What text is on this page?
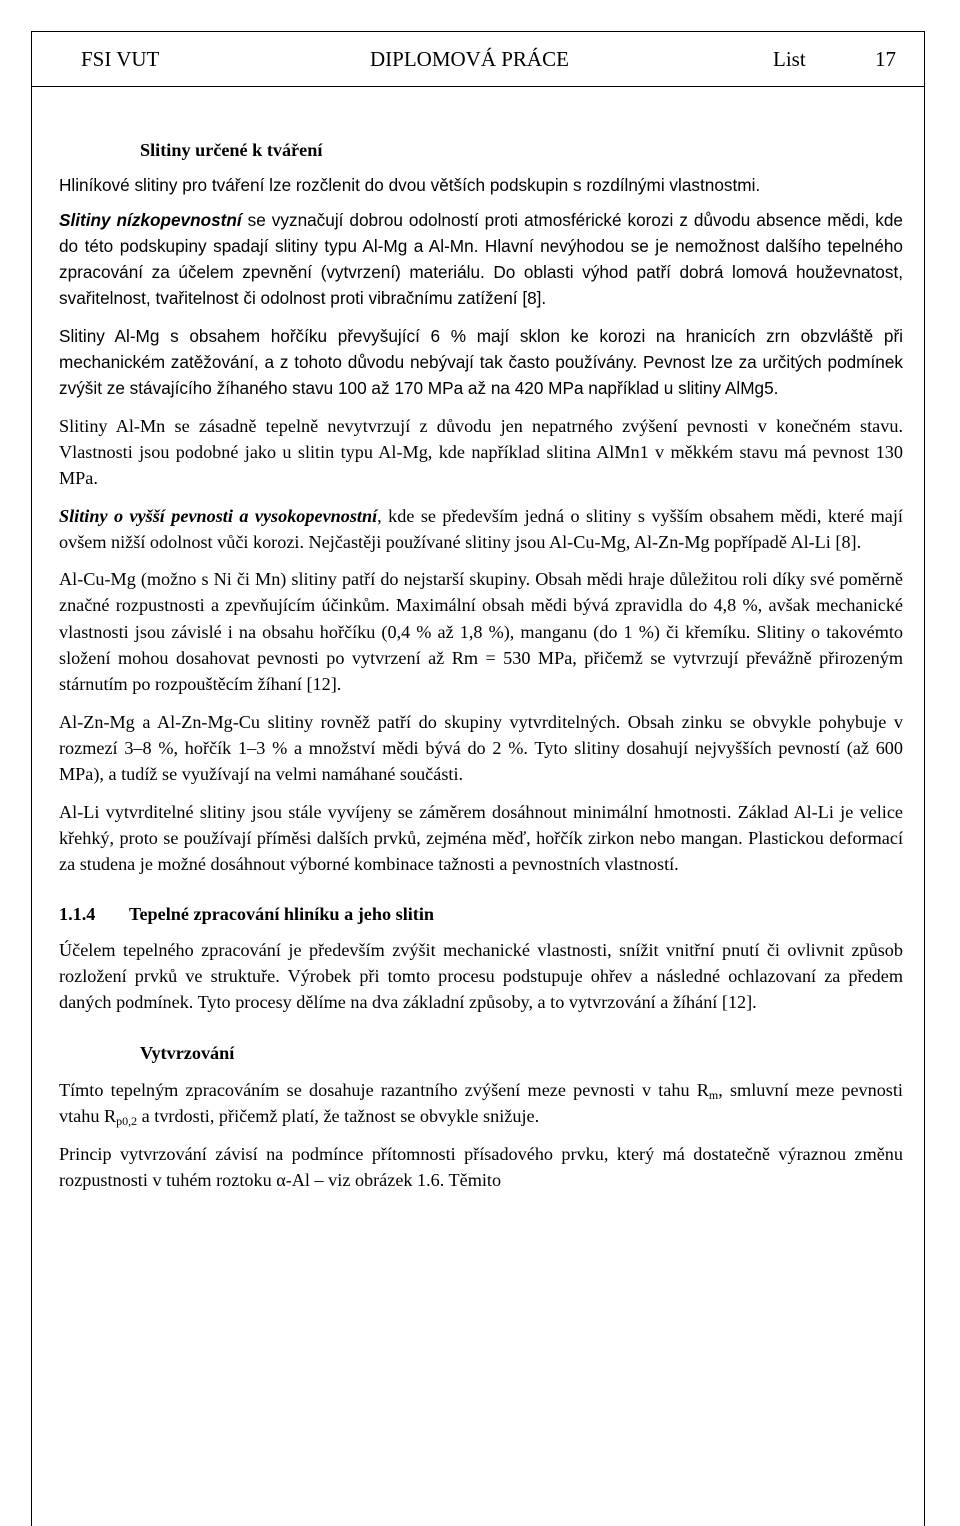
FSI VUT	DIPLOMOVÁ PRÁCE	List	17
Slitiny určené k tváření

Hliníkové slitiny pro tváření lze rozčlenit do dvou větších podskupin s rozdílnými vlastnostmi.

Slitiny nízkopevnostní se vyznačují dobrou odolností proti atmosférické korozi z důvodu absence mědi, kde do této podskupiny spadají slitiny typu Al-Mg a Al-Mn. Hlavní nevýhodou se je nemožnost dalšího tepelného zpracování za účelem zpevnění (vytvrzení) materiálu. Do oblasti výhod patří dobrá lomová houževnatost, svařitelnost, tvařitelnost či odolnost proti vibračnímu zatížení [8].

Slitiny Al-Mg s obsahem hořčíku převyšující 6 % mají sklon ke korozi na hranicích zrn obzvláště při mechanickém zatěžování, a z tohoto důvodu nebývají tak často používány. Pevnost lze za určitých podmínek zvýšit ze stávajícího žíhaného stavu 100 až 170 MPa až na 420 MPa například u slitiny AlMg5.

Slitiny Al-Mn se zásadně tepelně nevytvrzují z důvodu jen nepatrného zvýšení pevnosti v konečném stavu. Vlastnosti jsou podobné jako u slitin typu Al-Mg, kde například slitina AlMn1 v měkkém stavu má pevnost 130 MPa.

Slitiny o vyšší pevnosti a vysokopevnostní, kde se především jedná o slitiny s vyšším obsahem mědi, které mají ovšem nižší odolnost vůči korozi. Nejčastěji používané slitiny jsou Al-Cu-Mg, Al-Zn-Mg popřípadě Al-Li [8].

Al-Cu-Mg (možno s Ni či Mn) slitiny patří do nejstarší skupiny. Obsah mědi hraje důležitou roli díky své poměrně značné rozpustnosti a zpevňujícím účinkům. Maximální obsah mědi bývá zpravidla do 4,8 %, avšak mechanické vlastnosti jsou závislé i na obsahu hořčíku (0,4 % až 1,8 %), manganu (do 1 %) či křemíku. Slitiny o takovémto složení mohou dosahovat pevnosti po vytvrzení až Rm = 530 MPa, přičemž se vytvrzují převážně přirozeným stárnutím po rozpouštěcím žíhaní [12].

Al-Zn-Mg a Al-Zn-Mg-Cu slitiny rovněž patří do skupiny vytvrditelných. Obsah zinku se obvykle pohybuje v rozmezí 3–8 %, hořčík 1–3 % a množství mědi bývá do 2 %. Tyto slitiny dosahují nejvyšších pevností (až 600 MPa), a tudíž se využívají na velmi namáhané součásti.

Al-Li vytvrditelné slitiny jsou stále vyvíjeny se záměrem dosáhnout minimální hmotnosti. Základ Al-Li je velice křehký, proto se používají příměsi dalších prvků, zejména měď, hořčík zirkon nebo mangan. Plastickou deformací za studena je možné dosáhnout výborné kombinace tažnosti a pevnostních vlastností.

1.1.4	Tepelné zpracování hliníku a jeho slitin

Účelem tepelného zpracování je především zvýšit mechanické vlastnosti, snížit vnitřní pnutí či ovlivnit způsob rozložení prvků ve struktuře. Výrobek při tomto procesu podstupuje ohřev a následné ochlazovaní za předem daných podmínek. Tyto procesy dělíme na dva základní způsoby, a to vytvrzování a žíhání [12].

Vytvrzování

Tímto tepelným zpracováním se dosahuje razantního zvýšení meze pevnosti v tahu $R_m$, smluvní meze pevnosti vtahu $R_{p0,2}$ a tvrdosti, přičemž platí, že tažnost se obvykle snižuje.

Princip vytvrzování závisí na podmínce přítomnosti přísadového prvku, který má dostatečně výraznou změnu rozpustnosti v tuhém roztoku α-Al – viz obrázek 1.6. Těmito
